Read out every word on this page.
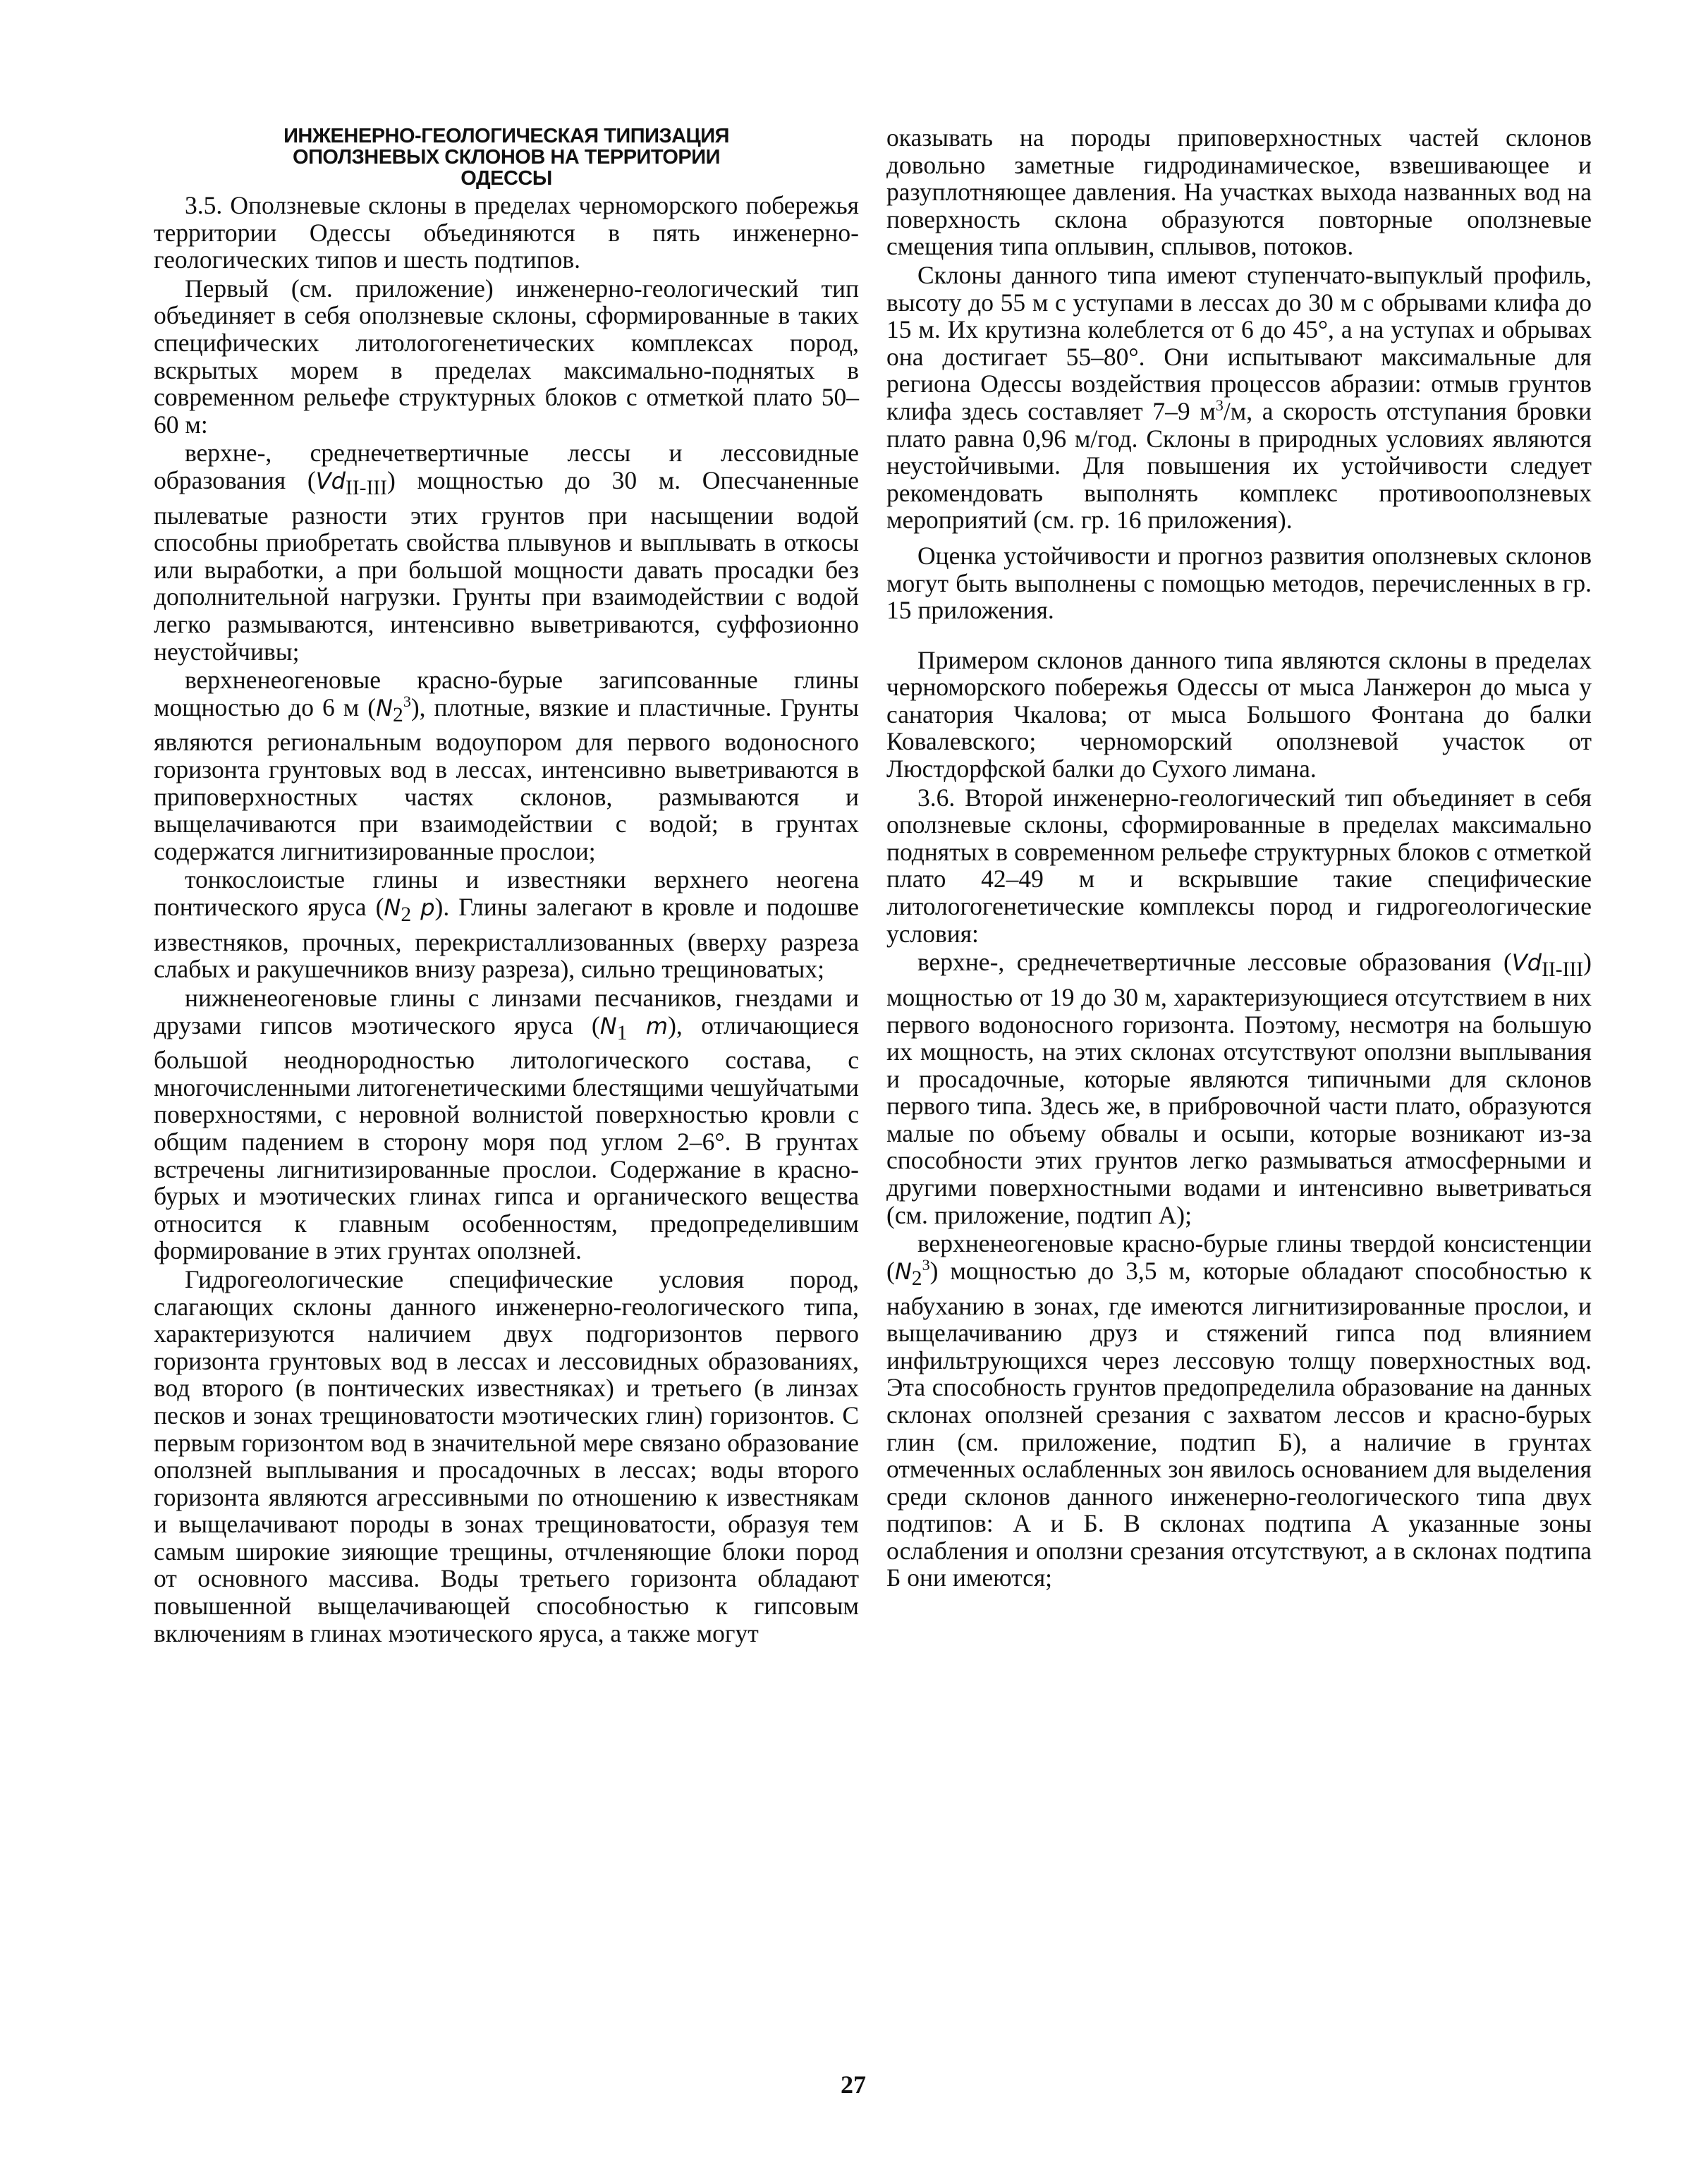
ИНЖЕНЕРНО-ГЕОЛОГИЧЕСКАЯ ТИПИЗАЦИЯ
ОПОЛЗНЕВЫХ СКЛОНОВ НА ТЕРРИТОРИИ
ОДЕССЫ

3.5. Оползневые склоны в пределах черноморского побережья территории Одессы объединяются в пять инженерно-геологических типов и шесть подтипов.

Первый (см. приложение) инженерно-геологический тип объединяет в себя оползневые склоны, сформированные в таких специфических литологогенетических комплексах пород, вскрытых морем в пределах максимально-поднятых в современном рельефе структурных блоков с отметкой плато 50–60 м:

верхне-, среднечетвертичные лессы и лессовидные образования $(Vd_{II-III})$ мощностью до 30 м. Опесчаненные пылеватые разности этих грунтов при насыщении водой способны приобретать свойства плывунов и выплывать в откосы или выработки, а при большой мощности давать просадки без дополнительной нагрузки. Грунты при взаимодействии с водой легко размываются, интенсивно выветриваются, суффозионно неустойчивы;

верхненеогеновые красно-бурые загипсованные глины мощностью до 6 м $(N_2^3)$, плотные, вязкие и пластичные. Грунты являются региональным водоупором для первого водоносного горизонта грунтовых вод в лессах, интенсивно выветриваются в приповерхностных частях склонов, размываются и выщелачиваются при взаимодействии с водой; в грунтах содержатся лигнитизированные прослои;

тонкослоистые глины и известняки верхнего неогена понтического яруса ($N_2$ p). Глины залегают в кровле и подошве известняков, прочных, перекристаллизованных (вверху разреза слабых и ракушечников внизу разреза), сильно трещиноватых;

нижненеогеновые глины с линзами песчаников, гнездами и друзами гипсов мэотического яруса ($N_1$ m), отличающиеся большой неоднородностью литологического состава, с многочисленными литогенетическими блестящими чешуйчатыми поверхностями, с неровной волнистой поверхностью кровли с общим падением в сторону моря под углом 2–6°. В грунтах встречены лигнитизированные прослои. Содержание в красно-бурых и мэотических глинах гипса и органического вещества относится к главным особенностям, предопределившим формирование в этих грунтах оползней.

Гидрогеологические специфические условия пород, слагающих склоны данного инженерно-геологического типа, характеризуются наличием двух подгоризонтов первого горизонта грунтовых вод в лессах и лессовидных образованиях, вод второго (в понтических известняках) и третьего (в линзах песков и зонах трещиноватости мэотических глин) горизонтов. С первым горизонтом вод в значительной мере связано образование оползней выплывания и просадочных в лессах; воды второго горизонта являются агрессивными по отношению к известнякам и выщелачивают породы в зонах трещиноватости, образуя тем самым широкие зияющие трещины, отчленяющие блоки пород от основного массива. Воды третьего горизонта обладают повышенной выщелачивающей способностью к гипсовым включениям в глинах мэотического яруса, а также могут

оказывать на породы приповерхностных частей склонов довольно заметные гидродинамическое, взвешивающее и разуплотняющее давления. На участках выхода названных вод на поверхность склона образуются повторные оползневые смещения типа оплывин, сплывов, потоков.

Склоны данного типа имеют ступенчато-выпуклый профиль, высоту до 55 м с уступами в лессах до 30 м с обрывами клифа до 15 м. Их крутизна колеблется от 6 до 45°, а на уступах и обрывах она достигает 55–80°. Они испытывают максимальные для региона Одессы воздействия процессов абразии: отмыв грунтов клифа здесь составляет 7–9 $м^3/м$, а скорость отступания бровки плато равна 0,96 м/год. Склоны в природных условиях являются неустойчивыми. Для повышения их устойчивости следует рекомендовать выполнять комплекс противооползневых мероприятий (см. гр. 16 приложения).

Оценка устойчивости и прогноз развития оползневых склонов могут быть выполнены с помощью методов, перечисленных в гр. 15 приложения.

Примером склонов данного типа являются склоны в пределах черноморского побережья Одессы от мыса Ланжерон до мыса у санатория Чкалова; от мыса Большого Фонтана до балки Ковалевского; черноморский оползневой участок от Люстдорфской балки до Сухого лимана.

3.6. Второй инженерно-геологический тип объединяет в себя оползневые склоны, сформированные в пределах максимально поднятых в современном рельефе структурных блоков с отметкой плато 42–49 м и вскрывшие такие специфические литологогенетические комплексы пород и гидрогеологические условия:

верхне-, среднечетвертичные лессовые образования $(Vd_{II-III})$ мощностью от 19 до 30 м, характеризующиеся отсутствием в них первого водоносного горизонта. Поэтому, несмотря на большую их мощность, на этих склонах отсутствуют оползни выплывания и просадочные, которые являются типичными для склонов первого типа. Здесь же, в прибровочной части плато, образуются малые по объему обвалы и осыпи, которые возникают из-за способности этих грунтов легко размываться атмосферными и другими поверхностными водами и интенсивно выветриваться (см. приложение, подтип А);

верхненеогеновые красно-бурые глины твердой консистенции $(N_2^3)$ мощностью до 3,5 м, которые обладают способностью к набуханию в зонах, где имеются лигнитизированные прослои, и выщелачиванию друз и стяжений гипса под влиянием инфильтрующихся через лессовую толщу поверхностных вод. Эта способность грунтов предопределила образование на данных склонах оползней срезания с захватом лессов и красно-бурых глин (см. приложение, подтип Б), а наличие в грунтах отмеченных ослабленных зон явилось основанием для выделения среди склонов данного инженерно-геологического типа двух подтипов: А и Б. В склонах подтипа А указанные зоны ослабления и оползни срезания отсутствуют, а в склонах подтипа Б они имеются;

27
